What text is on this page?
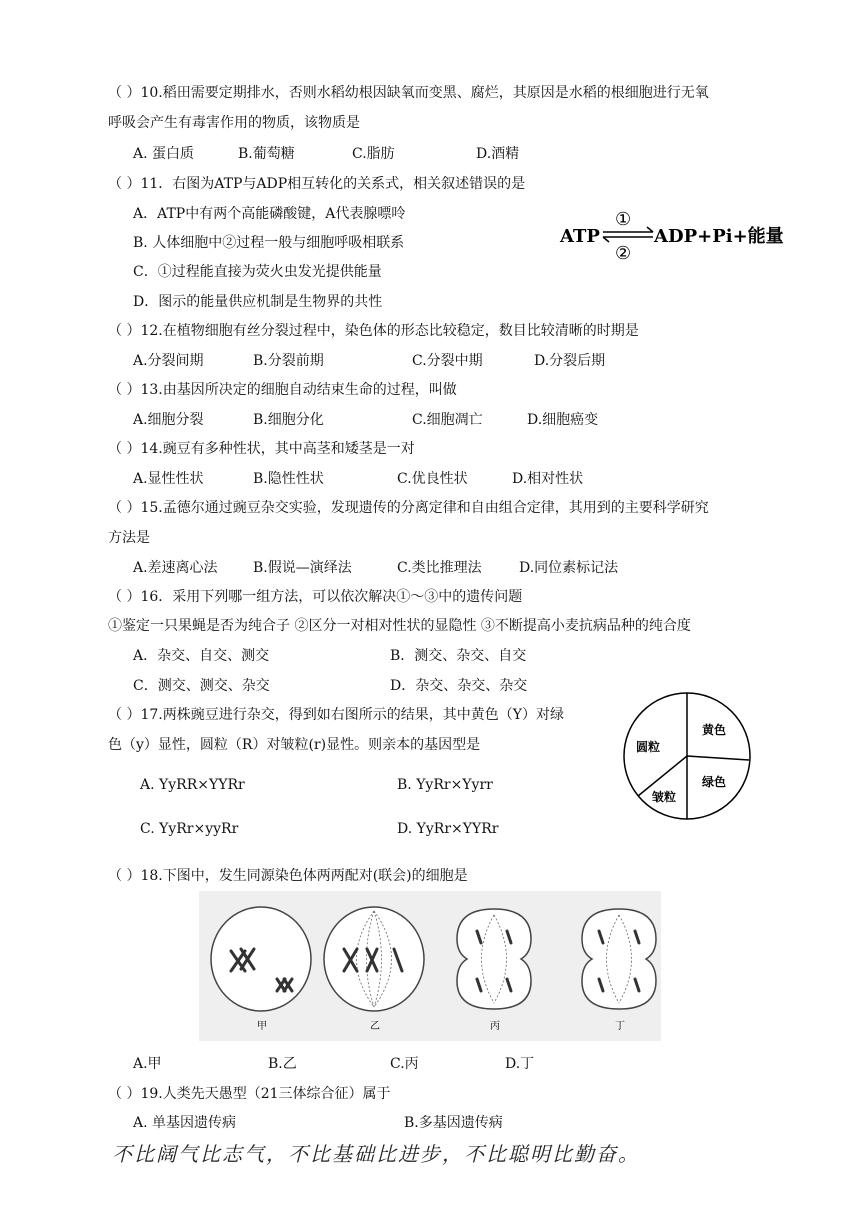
（ ）10.稻田需要定期排水，否则水稻幼根因缺氧而变黑、腐烂，其原因是水稻的根细胞进行无氧
呼吸会产生有毒害作用的物质，该物质是
A. 蛋白质	B.葡萄糖	C.脂肪	D.酒精
（ ）11．右图为ATP与ADP相互转化的关系式，相关叙述错误的是
A．ATP中有两个高能磷酸键，A代表腺嘌呤
B. 人体细胞中②过程一般与细胞呼吸相联系
C．①过程能直接为荧火虫发光提供能量
D．图示的能量供应机制是生物界的共性
ATP
①
②
ADP+Pi+能量
（ ）12.在植物细胞有丝分裂过程中，染色体的形态比较稳定，数目比较清晰的时期是
A.分裂间期	B.分裂前期	C.分裂中期	D.分裂后期
（ ）13.由基因所决定的细胞自动结束生命的过程，叫做
A.细胞分裂	B.细胞分化	C.细胞凋亡	D.细胞癌变
（ ）14.豌豆有多种性状，其中高茎和矮茎是一对
A.显性性状	B.隐性性状	C.优良性状	D.相对性状
（ ）15.孟德尔通过豌豆杂交实验，发现遗传的分离定律和自由组合定律，其用到的主要科学研究
方法是
A.差速离心法	B.假说—演绎法	C.类比推理法	D.同位素标记法
（ ）16．采用下列哪一组方法，可以依次解决①～③中的遗传问题
①鉴定一只果蝇是否为纯合子 ②区分一对相对性状的显隐性 ③不断提高小麦抗病品种的纯合度
A．杂交、自交、测交	B．测交、杂交、自交
C．测交、测交、杂交	D．杂交、杂交、杂交
（ ）17.两株豌豆进行杂交，得到如右图所示的结果，其中黄色（Y）对绿
色（y）显性，圆粒（R）对皱粒(r)显性。则亲本的基因型是
A. YyRR×YYRr	B. YyRr×Yyrr
C. YyRr×yyRr	D. YyRr×YYRr
黄色
绿色
皱粒
圆粒
（ ）18.下图中，发生同源染色体两两配对(联会)的细胞是
甲	乙	丙	丁
A.甲	B.乙	C.丙	D.丁
（ ）19.人类先天愚型（21三体综合征）属于
A. 单基因遗传病	B.多基因遗传病
不比阔气比志气，不比基础比进步，不比聪明比勤奋。
